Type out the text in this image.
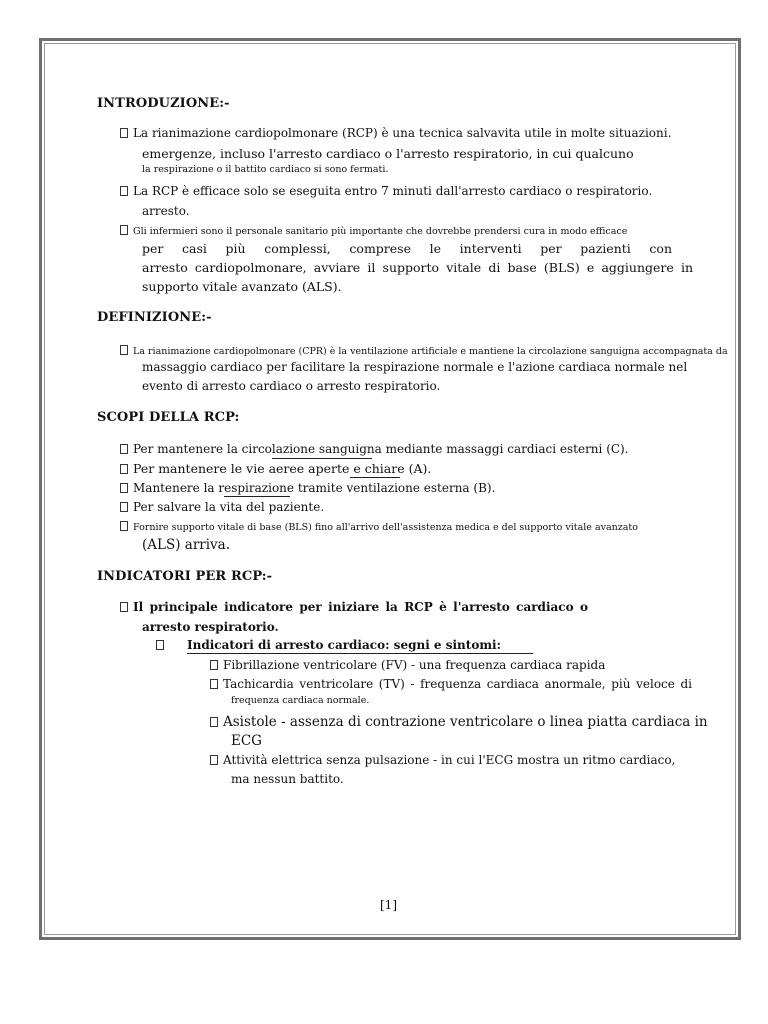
INTRODUZIONE:-
La rianimazione cardiopolmonare (RCP) è una tecnica salvavita utile in molte situazioni.
emergenze, incluso l'arresto cardiaco o l'arresto respiratorio, in cui qualcuno
la respirazione o il battito cardiaco si sono fermati.
La RCP è efficace solo se eseguita entro 7 minuti dall'arresto cardiaco o respiratorio.
arresto.
Gli infermieri sono il personale sanitario più importante che dovrebbe prendersi cura in modo efficace
per casi più complessi, comprese le interventi per pazienti con
arresto cardiopolmonare, avviare il supporto vitale di base (BLS) e aggiungere in
supporto vitale avanzato (ALS).
DEFINIZIONE:-
La rianimazione cardiopolmonare (CPR) è la ventilazione artificiale e mantiene la circolazione sanguigna accompagnata da
massaggio cardiaco per facilitare la respirazione normale e l'azione cardiaca normale nel
evento di arresto cardiaco o arresto respiratorio.
SCOPI DELLA RCP:
Per mantenere la circolazione sanguigna mediante massaggi cardiaci esterni (C).
Per mantenere le vie aeree aperte e chiare (A).
Mantenere la respirazione tramite ventilazione esterna (B).
Per salvare la vita del paziente.
Fornire supporto vitale di base (BLS) fino all'arrivo dell'assistenza medica e del supporto vitale avanzato
(ALS) arriva.
INDICATORI PER RCP:-
Il principale indicatore per iniziare la RCP è l'arresto cardiaco o
arresto respiratorio.
Indicatori di arresto cardiaco: segni e sintomi:
Fibrillazione ventricolare (FV) - una frequenza cardiaca rapida
Tachicardia ventricolare (TV) - frequenza cardiaca anormale, più veloce di
frequenza cardiaca normale.
Asistole - assenza di contrazione ventricolare o linea piatta cardiaca in
ECG
Attività elettrica senza pulsazione - in cui l'ECG mostra un ritmo cardiaco,
ma nessun battito.
[1]
